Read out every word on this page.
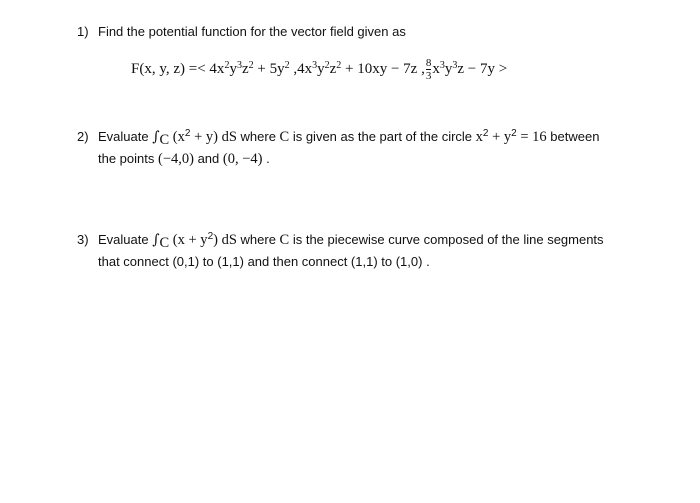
1) Find the potential function for the vector field given as
F(x, y, $z) =< 4x^2y^3z^2 + 5y^2$ $,4x^3y^2z^2 + 10xy - 7z$ , $\frac{8}{3} x^3y^3z - 7y$ >
2) Evaluate $\int_C$ $(x^2 + y)$ dS where C is given as the part of the circle $x^2 + y^2 = 16$ between
the points (−4,0) and (0, −4) .
3) Evaluate $\int_C$ $(x + y^2)$ dS where C is the piecewise curve composed of the line segments
that connect (0,1) to (1,1) and then connect (1,1) to (1,0) .
